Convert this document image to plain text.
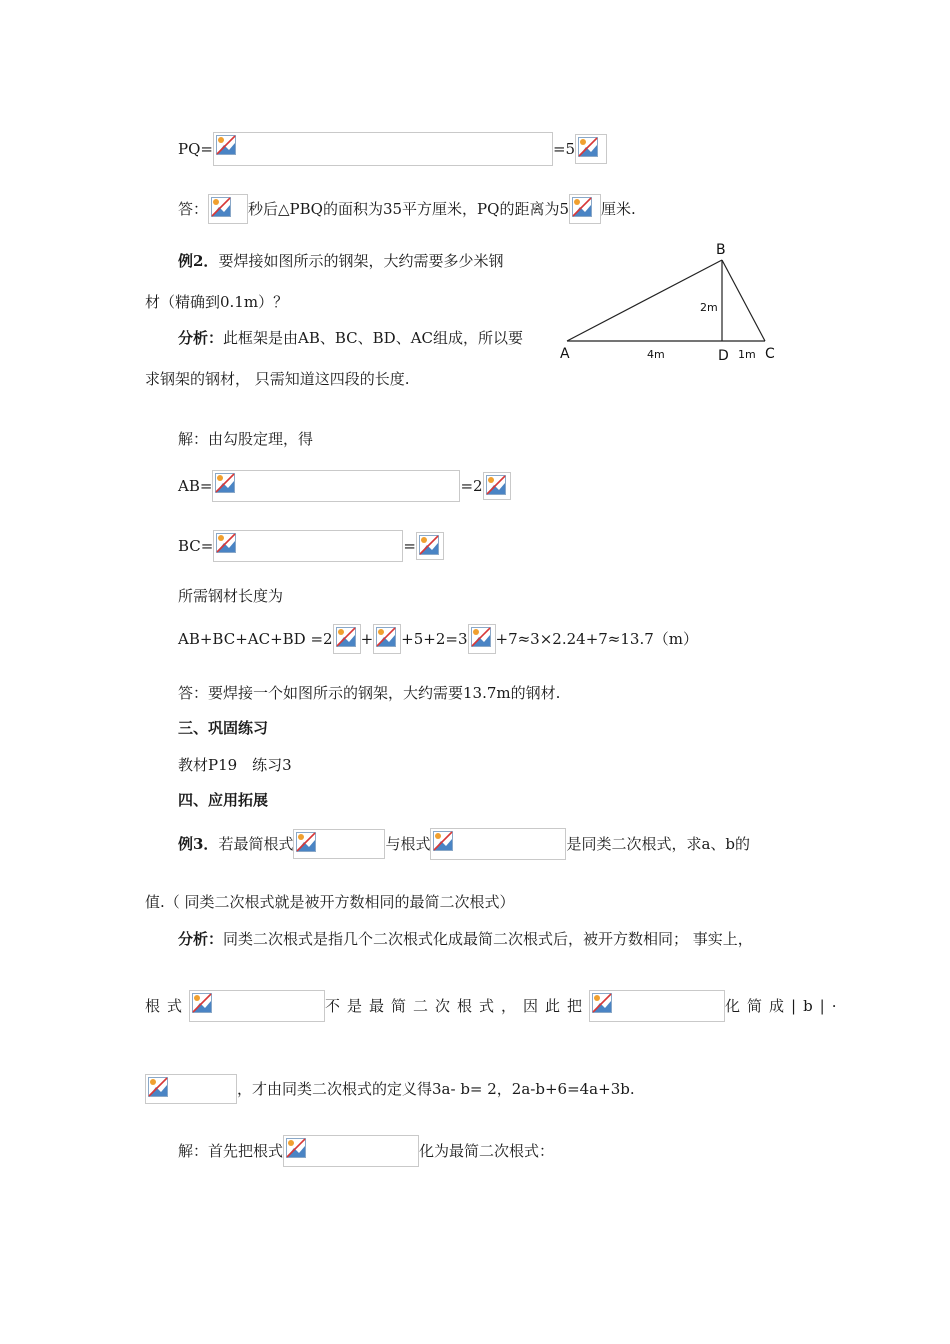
PQ=	=5
答：	秒后△PBQ的面积为35平方厘米，PQ的距离为5 厘米.
例2．要焊接如图所示的钢架，大约需要多少米钢
材（精确到0.1m）？
分析：此框架是由AB、BC、BD、AC组成，所以要
求钢架的钢材， 只需知道这四段的长度.
B
A	D	C
4m
2m
1m
解：由勾股定理，得
AB=	=2
BC=	=
所需钢材长度为
AB+BC+AC+BD =2 + +5+2=3 +7≈3×2.24+7≈13.7（m）
答：要焊接一个如图所示的钢架，大约需要13.7m的钢材.
三、巩固练习
教材P19　练习3
四、应用拓展
例3．若最简根式	与根式	是同类二次根式，求a、b的
值.（ 同类二次根式就是被开方数相同的最简二次根式）
分析：同类二次根式是指几个二次根式化成最简二次根式后，被开方数相同； 事实上，
根式	不是最简二次根式，因此把	化简成|b|·
，才由同类二次根式的定义得3a- b= 2，2a-b+6=4a+3b.
解：首先把根式	化为最简二次根式：
